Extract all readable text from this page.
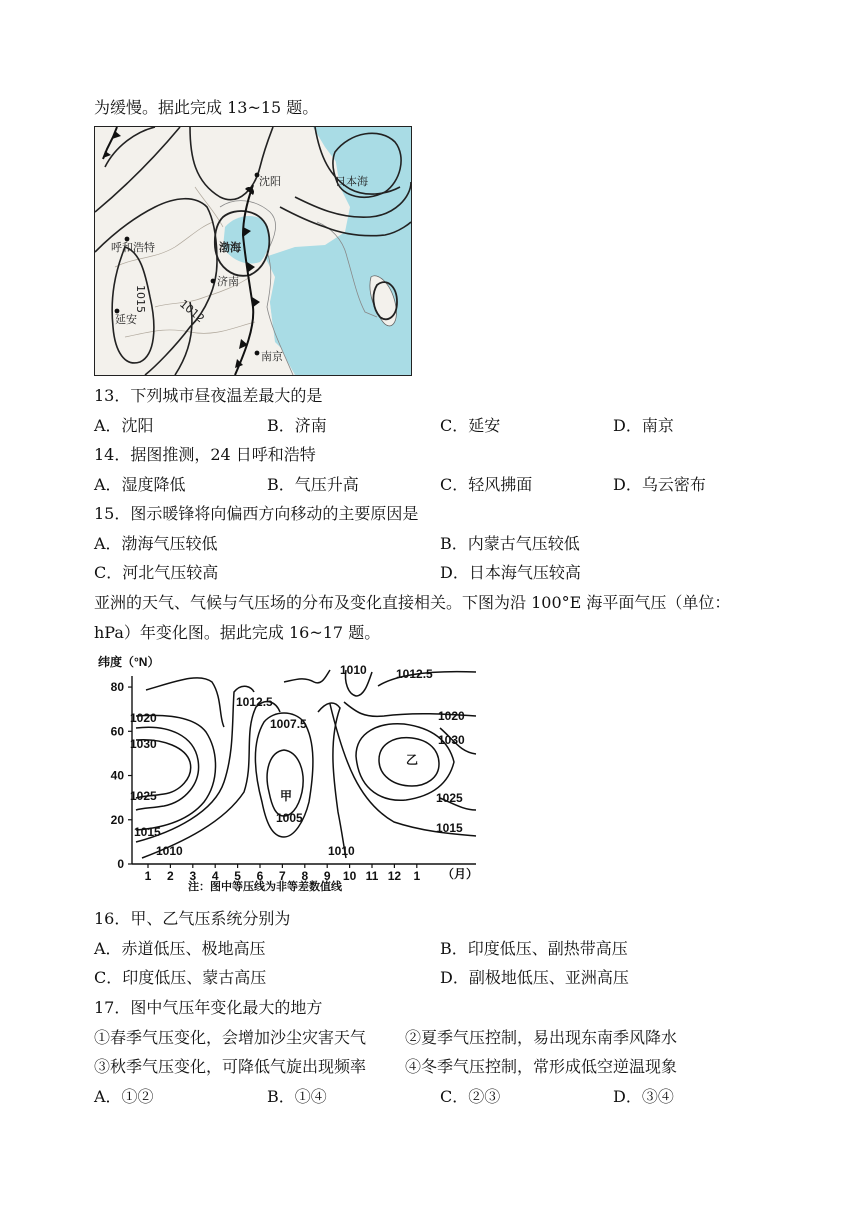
为缓慢。据此完成 13~15 题。
沈阳	日本海
呼和浩特	渤海
济南
延安
南京
1015	1012
13．下列城市昼夜温差最大的是
A．沈阳	B．济南	C．延安	D．南京
14．据图推测，24 日呼和浩特
A．湿度降低	B．气压升高	C．轻风拂面	D．乌云密布
15．图示暖锋将向偏西方向移动的主要原因是
A．渤海气压较低	B．内蒙古气压较低
C．河北气压较高	D．日本海气压较高
亚洲的天气、气候与气压场的分布及变化直接相关。下图为沿 100°E 海平面气压（单位：
hPa）年变化图。据此完成 16~17 题。
纬度（°N）
0
20
40
60
80
1 2 3 4 5 6 7 8 9 10 11 12 1 （月）
1020
1030
1025
1015
1010
1012.5
1010 1012.5
1007.5
1005
1020
1030
1025
1015
1010
甲
乙
注：图中等压线为非等差数值线
16．甲、乙气压系统分别为
A．赤道低压、极地高压	B．印度低压、副热带高压
C．印度低压、蒙古高压	D．副极地低压、亚洲高压
17．图中气压年变化最大的地方
①春季气压变化，会增加沙尘灾害天气 ②夏季气压控制，易出现东南季风降水
③秋季气压变化，可降低气旋出现频率 ④冬季气压控制，常形成低空逆温现象
A．①②	B．①④	C．②③	D．③④
